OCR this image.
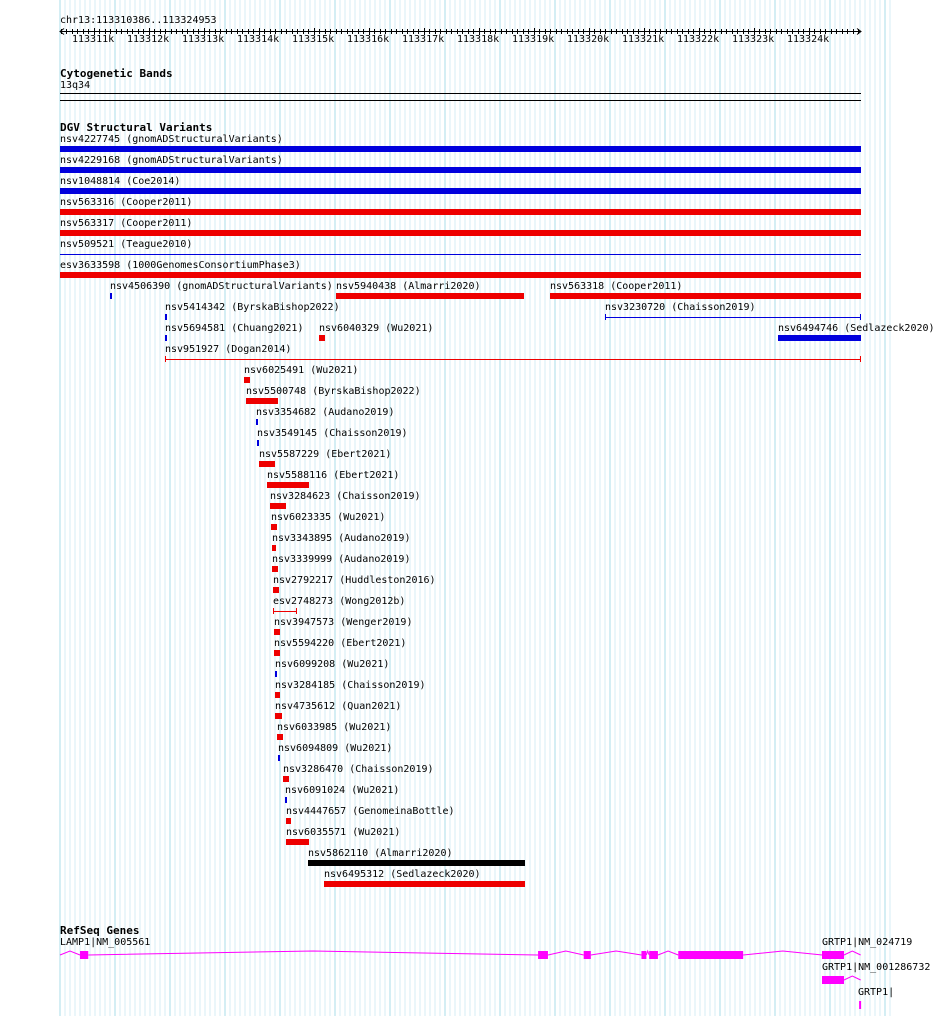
chr13:113310386..113324953
113311k 113312k 113313k 113314k 113315k 113316k 113317k 113318k 113319k 113320k 113321k 113322k 113323k 113324k
Cytogenetic Bands
13q34
DGV Structural Variants
nsv4227745 (gnomADStructuralVariants)
nsv4229168 (gnomADStructuralVariants)
nsv1048814 (Coe2014)
nsv563316 (Cooper2011)
nsv563317 (Cooper2011)
nsv509521 (Teague2010)
esv3633598 (1000GenomesConsortiumPhase3)
nsv4506390 (gnomADStructuralVariants) nsv5940438 (Almarri2020)	nsv563318 (Cooper2011)
nsv5414342 (ByrskaBishop2022)	nsv3230720 (Chaisson2019)
nsv5694581 (Chuang2021) nsv6040329 (Wu2021)	nsv6494746 (Sedlazeck2020)
nsv951927 (Dogan2014)
nsv6025491 (Wu2021)
nsv5500748 (ByrskaBishop2022)
nsv3354682 (Audano2019)
nsv3549145 (Chaisson2019)
nsv5587229 (Ebert2021)
nsv5588116 (Ebert2021)
nsv3284623 (Chaisson2019)
nsv6023335 (Wu2021)
nsv3343895 (Audano2019)
nsv3339999 (Audano2019)
nsv2792217 (Huddleston2016)
esv2748273 (Wong2012b)
nsv3947573 (Wenger2019)
nsv5594220 (Ebert2021)
nsv6099208 (Wu2021)
nsv3284185 (Chaisson2019)
nsv4735612 (Quan2021)
nsv6033985 (Wu2021)
nsv6094809 (Wu2021)
nsv3286470 (Chaisson2019)
nsv6091024 (Wu2021)
nsv4447657 (GenomeinaBottle)
nsv6035571 (Wu2021)
nsv5862110 (Almarri2020)
nsv6495312 (Sedlazeck2020)
RefSeq Genes
LAMP1|NM_005561	GRTP1|NM_024719
GRTP1|NM_001286732
GRTP1|
